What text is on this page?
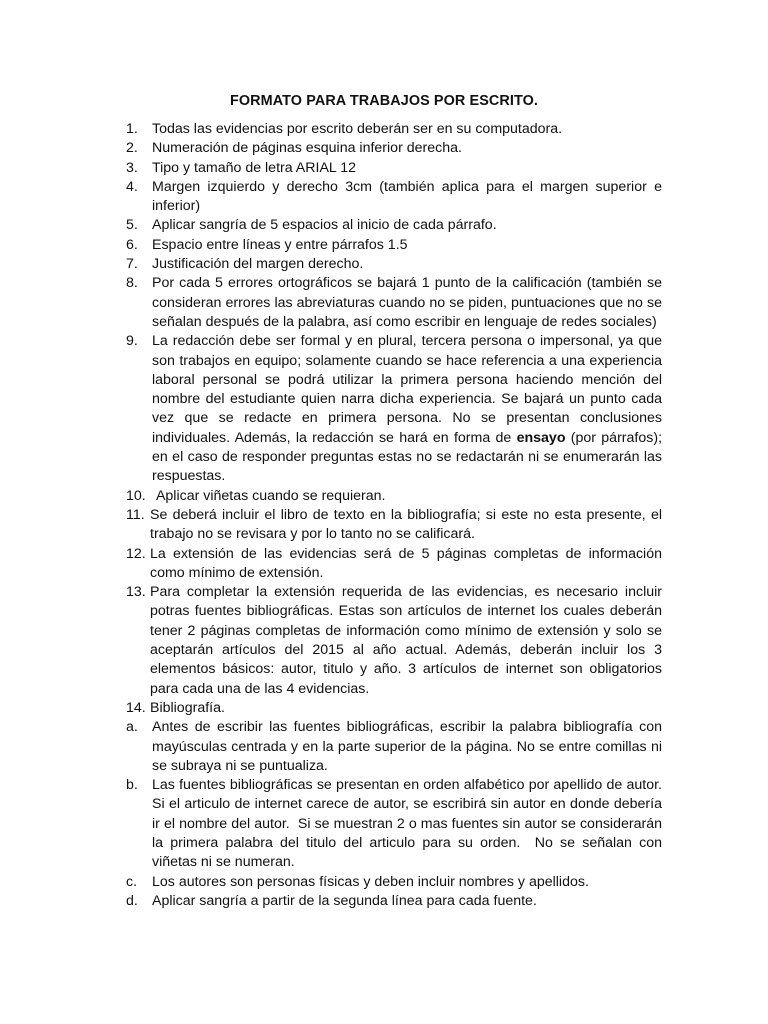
FORMATO PARA TRABAJOS POR ESCRITO.
1. Todas las evidencias por escrito deberán ser en su computadora.
2. Numeración de páginas esquina inferior derecha.
3. Tipo y tamaño de letra ARIAL 12
4. Margen izquierdo y derecho 3cm (también aplica para el margen superior e inferior)
5. Aplicar sangría de 5 espacios al inicio de cada párrafo.
6. Espacio entre líneas y entre párrafos 1.5
7. Justificación del margen derecho.
8. Por cada 5 errores ortográficos se bajará 1 punto de la calificación (también se consideran errores las abreviaturas cuando no se piden, puntuaciones que no se señalan después de la palabra, así como escribir en lenguaje de redes sociales)
9. La redacción debe ser formal y en plural, tercera persona o impersonal, ya que son trabajos en equipo; solamente cuando se hace referencia a una experiencia laboral personal se podrá utilizar la primera persona haciendo mención del nombre del estudiante quien narra dicha experiencia. Se bajará un punto cada vez que se redacte en primera persona. No se presentan conclusiones individuales. Además, la redacción se hará en forma de ensayo (por párrafos); en el caso de responder preguntas estas no se redactarán ni se enumerarán las respuestas.
10. Aplicar viñetas cuando se requieran.
11. Se deberá incluir el libro de texto en la bibliografía; si este no esta presente, el trabajo no se revisara y por lo tanto no se calificará.
12. La extensión de las evidencias será de 5 páginas completas de información como mínimo de extensión.
13. Para completar la extensión requerida de las evidencias, es necesario incluir potras fuentes bibliográficas. Estas son artículos de internet los cuales deberán tener 2 páginas completas de información como mínimo de extensión y solo se aceptarán artículos del 2015 al año actual. Además, deberán incluir los 3 elementos básicos: autor, titulo y año. 3 artículos de internet son obligatorios para cada una de las 4 evidencias.
14. Bibliografía.
a. Antes de escribir las fuentes bibliográficas, escribir la palabra bibliografía con mayúsculas centrada y en la parte superior de la página. No se entre comillas ni se subraya ni se puntualiza.
b. Las fuentes bibliográficas se presentan en orden alfabético por apellido de autor.  Si el articulo de internet carece de autor, se escribirá sin autor en donde debería ir el nombre del autor.  Si se muestran 2 o mas fuentes sin autor se considerarán la primera palabra del titulo del articulo para su orden.  No se señalan con viñetas ni se numeran.
c. Los autores son personas físicas y deben incluir nombres y apellidos.
d. Aplicar sangría a partir de la segunda línea para cada fuente.
